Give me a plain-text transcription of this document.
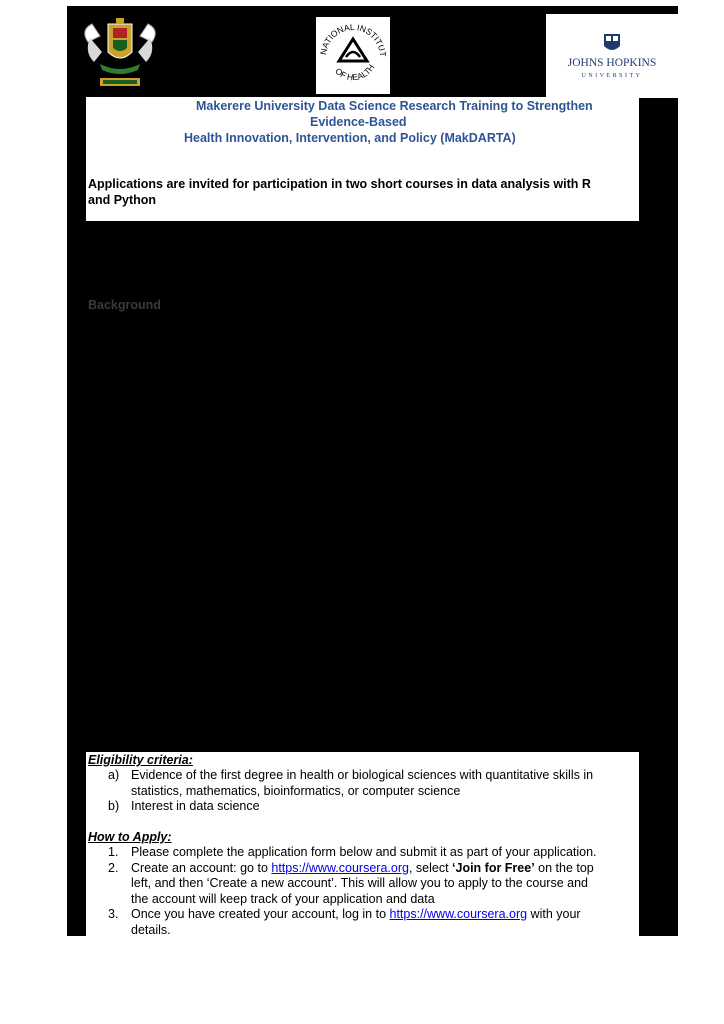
NATIONAL INSTITUT
OF HEALTH	JOHNS HOPKINS
UNIVERSITY
Makerere University Data Science Research Training to Strengthen
Evidence-Based
Health Innovation, Intervention, and Policy (MakDARTA)
Applications are invited for participation in two short courses in data analysis with R
and Python
Background
Eligibility criteria:
a) Evidence of the first degree in health or biological sciences with quantitative skills in
statistics, mathematics, bioinformatics, or computer science
b) Interest in data science
How to Apply:
1.	Please complete the application form below and submit it as part of your application.
2.	Create an account: go to https://www.coursera.org, select ‘Join for Free’ on the top
left, and then ‘Create a new account’. This will allow you to apply to the course and
the account will keep track of your application and data
3.	Once you have created your account, log in to https://www.coursera.org with your
details.
